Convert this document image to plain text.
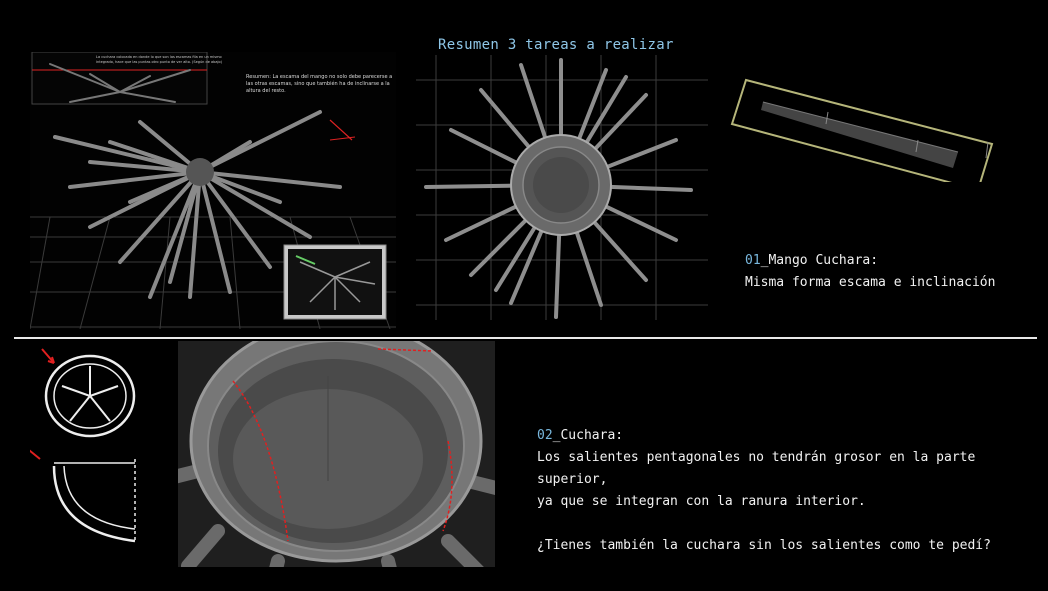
Resumen 3 tareas a realizar
La cuchara colocada en donde lo que son las escamas fila en un mismo integrado, hace que las puntas otro punto de ver alto. (Según de abajo)
Resumen: La escama del mango no solo debe parecerse a las otras escamas, sino que también ha de inclinarse a la altura del resto.
01_Mango Cuchara:
Misma forma escama e inclinación
02_Cuchara:
Los salientes pentagonales no tendrán grosor en la parte superior,
ya que se integran con la ranura interior.
¿Tienes también la cuchara sin los salientes como te pedí?
